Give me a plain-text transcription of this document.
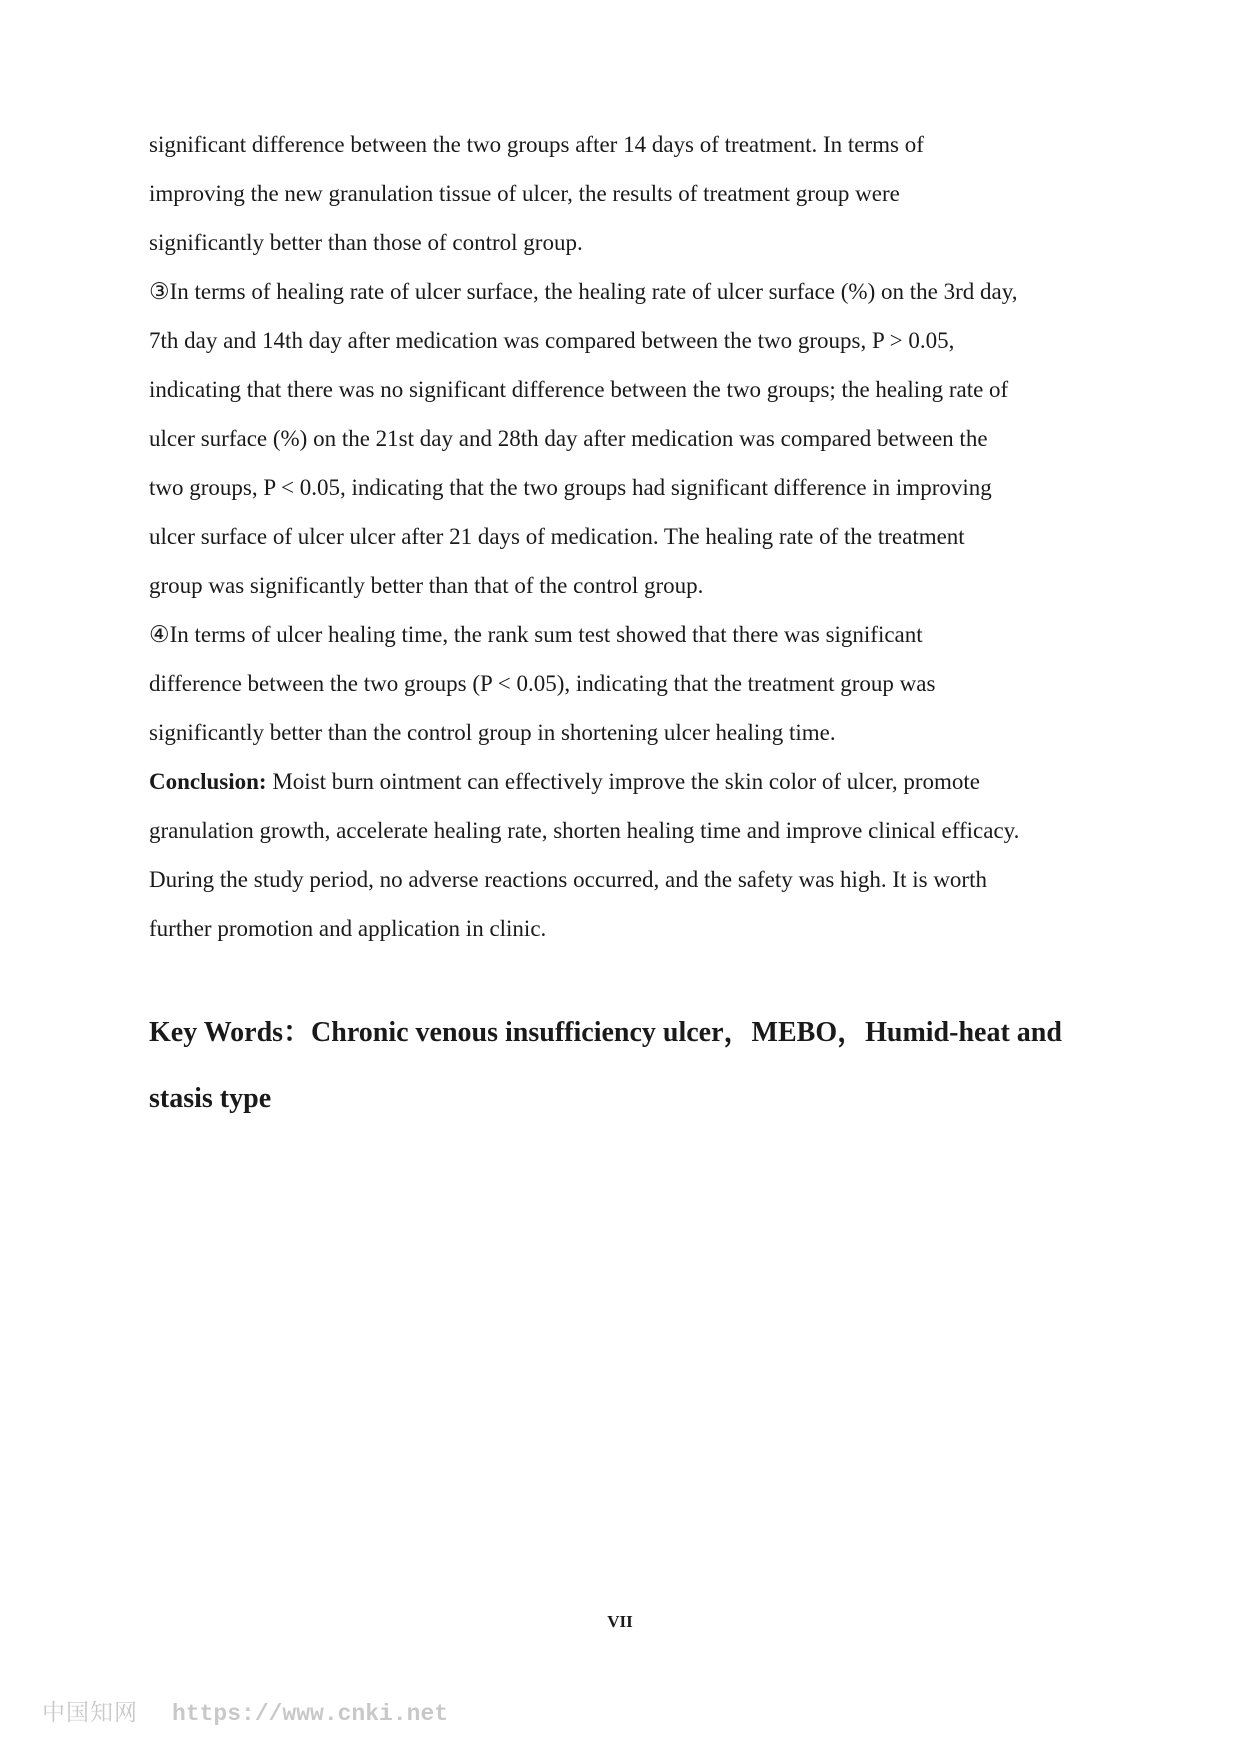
significant difference between the two groups after 14 days of treatment. In terms of
improving the new granulation tissue of ulcer, the results of treatment group were
significantly better than those of control group.
③In terms of healing rate of ulcer surface, the healing rate of ulcer surface (%) on the 3rd day,
7th day and 14th day after medication was compared between the two groups, P > 0.05,
indicating that there was no significant difference between the two groups; the healing rate of
ulcer surface (%) on the 21st day and 28th day after medication was compared between the
two groups, P < 0.05, indicating that the two groups had significant difference in improving
ulcer surface of ulcer ulcer after 21 days of medication. The healing rate of the treatment
group was significantly better than that of the control group.
④In terms of ulcer healing time, the rank sum test showed that there was significant
difference between the two groups (P < 0.05), indicating that the treatment group was
significantly better than the control group in shortening ulcer healing time.
Conclusion: Moist burn ointment can effectively improve the skin color of ulcer, promote
granulation growth, accelerate healing rate, shorten healing time and improve clinical efficacy.
During the study period, no adverse reactions occurred, and the safety was high. It is worth
further promotion and application in clinic.
Key Words：Chronic venous insufficiency ulcer，MEBO，Humid-heat and
stasis type
VII
中国知网 https://www.cnki.net
